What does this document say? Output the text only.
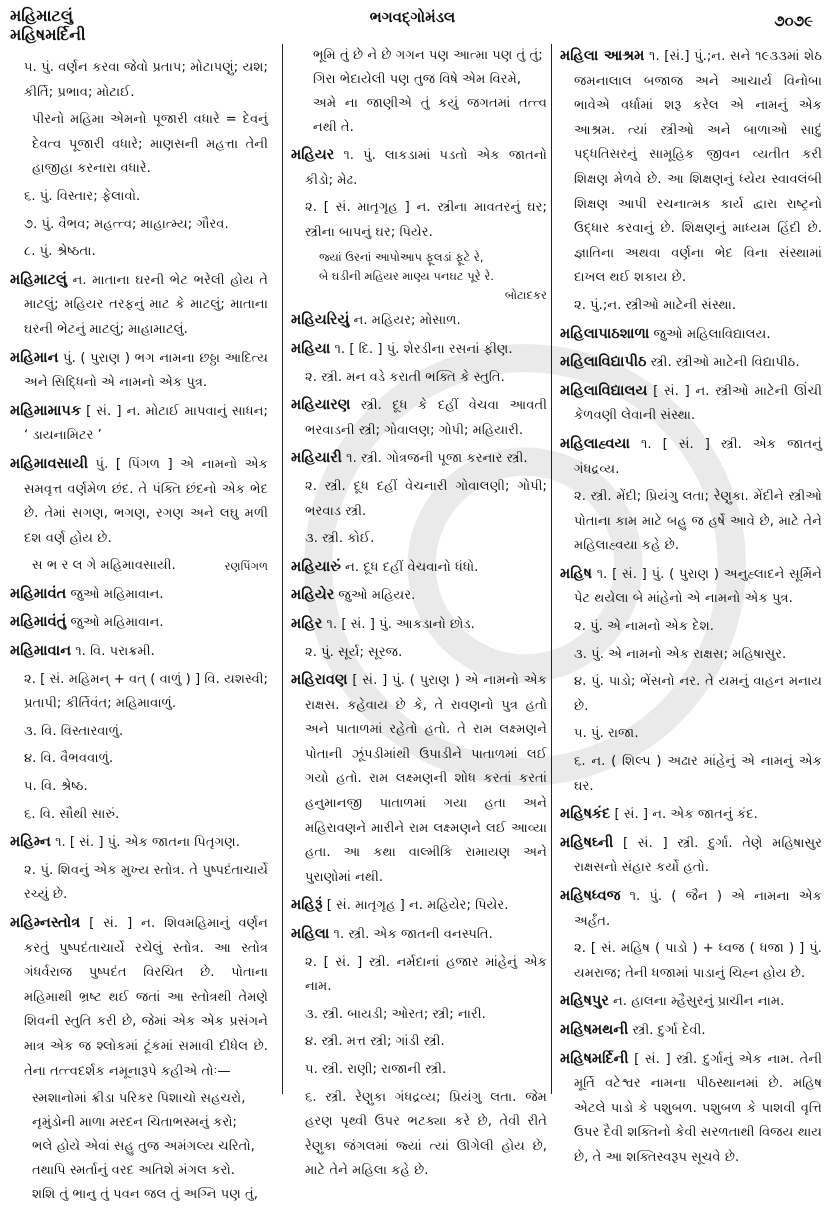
મહિમાટલું
મહિષમર્દિની
ભગવદ્ગોમંડલ	૭૦૭૯
૫. પું. વર્ણન કરવા જેવો પ્રતાપ; મોટાપણું; યશ; કીર્તિ; પ્રભાવ; મોટાઈ.
પીરનો મહિમા એમનો પૂજારી વધારે = દેવનું દેવત્વ પૂજારી વધારે; માણસની મહત્તા તેની હાજીહા કરનારા વધારે.
૬. પું. વિસ્તાર; ફેલાવો.
૭. પું. વૈભવ; મહત્ત્વ; માહાત્મ્ય; ગૌરવ.
૮. પું. શ્રેષ્ઠતા.
મહિમાટલું ન. માતાના ઘરની ભેટ ભરેલી હોય તે માટલું; મહિયર તરફનું માટ કે માટલું; માતાના ઘરની ભેટનું માટલું; માહામાટલું.
મહિમાન પું. ( પુરાણ ) ભગ નામના છઠ્ઠા આદિત્ય અને સિદ્ધિનો એ નામનો એક પુત્ર.
મહિમામાપક [ સં. ] ન. મોટાઈ માપવાનું સાધન; ‘ ડાયનામિટર ’
મહિમાવસાયી પું. [ પિંગળ ] એ નામનો એક સમવૃત્ત વર્ણમેળ છંદ. તે પંક્તિ છંદનો એક ભેદ છે. તેમાં સગણ, ભગણ, રગણ અને લઘુ મળી દશ વર્ણ હોય છે.
સ ભ ર લ ગે મહિમાવસાયી.	રણપિંગળ
મહિમાવંત જુઓ મહિમાવાન.
મહિમાવંતું જુઓ મહિમાવાન.
મહિમાવાન ૧. વિ. પરાક્રમી.
૨. [ સં. મહિમન્ + વત્ ( વાળું ) ] વિ. યશસ્વી; પ્રતાપી; કીર્તિવંત; મહિમાવાળું.
૩. વિ. વિસ્તારવાળું.
૪. વિ. વૈભવવાળું.
૫. વિ. શ્રેષ્ઠ.
૬. વિ. સૌથી સારું.
મહિમ્ન ૧. [ સં. ] પું. એક જાતના પિતૃગણ.
૨. પું. શિવનું એક મુખ્ય સ્તોત્ર. તે પુષ્પદંતાચાર્યે રચ્યું છે.
મહિમ્નસ્તોત્ર [ સં. ] ન. શિવમહિમાનું વર્ણન કરતું પુષ્પદંતાચાર્યે રચેલું સ્તોત્ર. આ સ્તોત્ર ગંધર્વરાજ પુષ્પદંત વિરચિત છે. પોતાના મહિમાથી ભ્રષ્ટ થઈ જતાં આ સ્તોત્રથી તેમણે શિવની સ્તુતિ કરી છે, જેમાં એક એક પ્રસંગને માત્ર એક જ શ્લોકમાં ટૂંકમાં સમાવી દીધેલ છે. તેના તત્ત્વદર્શક નમૂનારૂપે કહીએ તોઃ—
સ્મશાનોમાં ક્રીડા પરિકર પિશાચો સહચરો,
નૃમુંડોની માળા મરદન ચિતાભસ્મનું કરો;
ભલે હોયે એવાં સહુ તુજ અમંગલ્ય ચરિતો,
તથાપિ સ્મર્તાનું વરદ અતિશે મંગલ કરો.
શશિ તું ભાનુ તું પવન જલ તું અગ્નિ પણ તું,
ભૂમિ તું છે ને છે ગગન પણ આત્મા પણ તું તું;
ગિરા ભેદાયેલી પણ તુજ વિષે એમ વિરમે,
અમે ના જાણીએ તું કયું જગતમાં તત્ત્વ નથી તે.
મહિયર ૧. પું. લાકડામાં પડતો એક જાતનો કીડો; મેઢ.
૨. [ સં. માતૃગૃહ ] ન. સ્ત્રીના માવતરનું ઘર; સ્ત્રીના બાપનું ઘર; પિયેર.
જ્યાં ઉરનાં આપોઆપ ફૂલડાં ફૂટે રે,
બે ઘડીની મહિયર માણ્ય પનઘટ પૂરે રે.
બોટાદકર
મહિયરિયું ન. મહિયર; મોસાળ.
મહિયા ૧. [ દિ. ] પું. શેરડીના રસનાં ફીણ.
૨. સ્ત્રી. મન વડે કરાતી ભક્તિ કે સ્તુતિ.
મહિયારણ સ્ત્રી. દૂધ કે દહીં વેચવા આવતી ભરવાડની સ્ત્રી; ગોવાલણ; ગોપી; મહિયારી.
મહિયારી ૧. સ્ત્રી. ગોત્રજની પૂજા કરનાર સ્ત્રી.
૨. સ્ત્રી. દૂધ દહીં વેચનારી ગોવાલણી; ગોપી; ભરવાડ સ્ત્રી.
૩. સ્ત્રી. કોઈ.
મહિયારું ન. દૂધ દહીં વેચવાનો ધંધો.
મહિયેર જુઓ મહિયર.
મહિર ૧. [ સં. ] પું. આકડાનો છોડ.
૨. પું. સૂર્ય; સૂરજ.
મહિરાવણ [ સં. ] પું. ( પુરાણ ) એ નામનો એક રાક્ષસ. કહેવાય છે કે, તે રાવણનો પુત્ર હતો અને પાતાળમાં રહેતો હતો. તે રામ લક્ષ્મણને પોતાની ઝૂંપડીમાંથી ઉપાડીને પાતાળમાં લઈ ગયો હતો. રામ લક્ષ્મણની શોધ કરતાં કરતાં હનુમાનજી પાતાળમાં ગયા હતા અને મહિરાવણને મારીને રામ લક્ષ્મણને લઈ આવ્યા હતા. આ કથા વાલ્મીકિ રામાયણ અને પુરાણોમાં નથી.
મહિરૂં [ સં. માતૃગૃહ ] ન. મહિયેર; પિયેર.
મહિલા ૧. સ્ત્રી. એક જાતની વનસ્પતિ.
૨. [ સં. ] સ્ત્રી. નર્મદાનાં હજાર માંહેનું એક નામ.
૩. સ્ત્રી. બાયડી; ઓરત; સ્ત્રી; નારી.
૪. સ્ત્રી. મત્ત સ્ત્રી; ગાંડી સ્ત્રી.
૫. સ્ત્રી. રાણી; રાજાની સ્ત્રી.
૬. સ્ત્રી. રેણુકા ગંધદ્રવ્ય; પ્રિયંગુ લતા. જેમ હરણ પૃથ્વી ઉપર ભટક્યા કરે છે, તેવી રીતે રેણુકા જંગલમાં જ્યાં ત્યાં ઊગેલી હોય છે, માટે તેને મહિલા કહે છે.
મહિલા આશ્રમ ૧. [સં.] પું.;ન. સને ૧૯૩૩માં શેઠ જમનાલાલ બજાજ અને આચાર્ય વિનોબા ભાવેએ વર્ધામાં શરૂ કરેલ એ નામનું એક આશ્રમ. ત્યાં સ્ત્રીઓ અને બાળાઓ સાદું પદ્ધતિસરનું સામૂહિક જીવન વ્યતીત કરી શિક્ષણ મેળવે છે. આ શિક્ષણનું ધ્યેય સ્વાવલંબી શિક્ષણ આપી રચનાત્મક કાર્ય દ્વારા રાષ્ટ્રનો ઉદ્ધાર કરવાનું છે. શિક્ષણનું માધ્યમ હિંદી છે. જ્ઞાતિના અથવા વર્ણના ભેદ વિના સંસ્થામાં દાખલ થઈ શકાય છે.
૨. પું.;ન. સ્ત્રીઓ માટેની સંસ્થા.
મહિલાપાઠશાળા જુઓ મહિલાવિદ્યાલય.
મહિલાવિદ્યાપીઠ સ્ત્રી. સ્ત્રીઓ માટેની વિદ્યાપીઠ.
મહિલાવિદ્યાલય [ સં. ] ન. સ્ત્રીઓ માટેની ઊંચી કેળવણી લેવાની સંસ્થા.
મહિલાહ્વયા ૧. [ સં. ] સ્ત્રી. એક જાતનું ગંધદ્રવ્ય.
૨. સ્ત્રી. મેંદી; પ્રિયંગુ લતા; રેણુકા. મેંદીને સ્ત્રીઓ પોતાના કામ માટે બહુ જ હર્ષે આવે છે, માટે તેને મહિલાહ્વયા કહે છે.
મહિષ ૧. [ સં. ] પું. ( પુરાણ ) અનુહ્લાદને સૂર્મિને પેટ થયેલા બે માંહેનો એ નામનો એક પુત્ર.
૨. પું. એ નામનો એક દેશ.
૩. પું. એ નામનો એક રાક્ષસ; મહિષાસુર.
૪. પું. પાડો; ભેંસનો નર. તે યમનું વાહન મનાય છે.
૫. પું. રાજા.
૬. ન. ( શિલ્પ ) અઢાર માંહેનું એ નામનું એક ઘર.
મહિષકંદ [ સં. ] ન. એક જાતનું કંદ.
મહિષઘ્ની [ સં. ] સ્ત્રી. દુર્ગા. તેણે મહિષાસુર રાક્ષસનો સંહાર કર્યો હતો.
મહિષધ્વજ ૧. પું. ( જૈન ) એ નામના એક અર્હંત.
૨. [ સં. મહિષ ( પાડો ) + ધ્વજ ( ધજા ) ] પું. યમરાજ; તેની ધજામાં પાડાનું ચિહ્ન હોય છે.
મહિષપુર ન. હાલના મ્હૈસુરનું પ્રાચીન નામ.
મહિષમથની સ્ત્રી. દુર્ગા દેવી.
મહિષમર્દિની [ સં. ] સ્ત્રી. દુર્ગાનું એક નામ. તેની મૂર્તિ વટેશ્વર નામના પીઠસ્થાનમાં છે. મહિષ એટલે પાડો કે પશુબળ. પશુબળ કે પાશવી વૃત્તિ ઉપર દૈવી શક્તિનો કેવી સરળતાથી વિજય થાય છે, તે આ શક્તિસ્વરૂપ સૂચવે છે.
